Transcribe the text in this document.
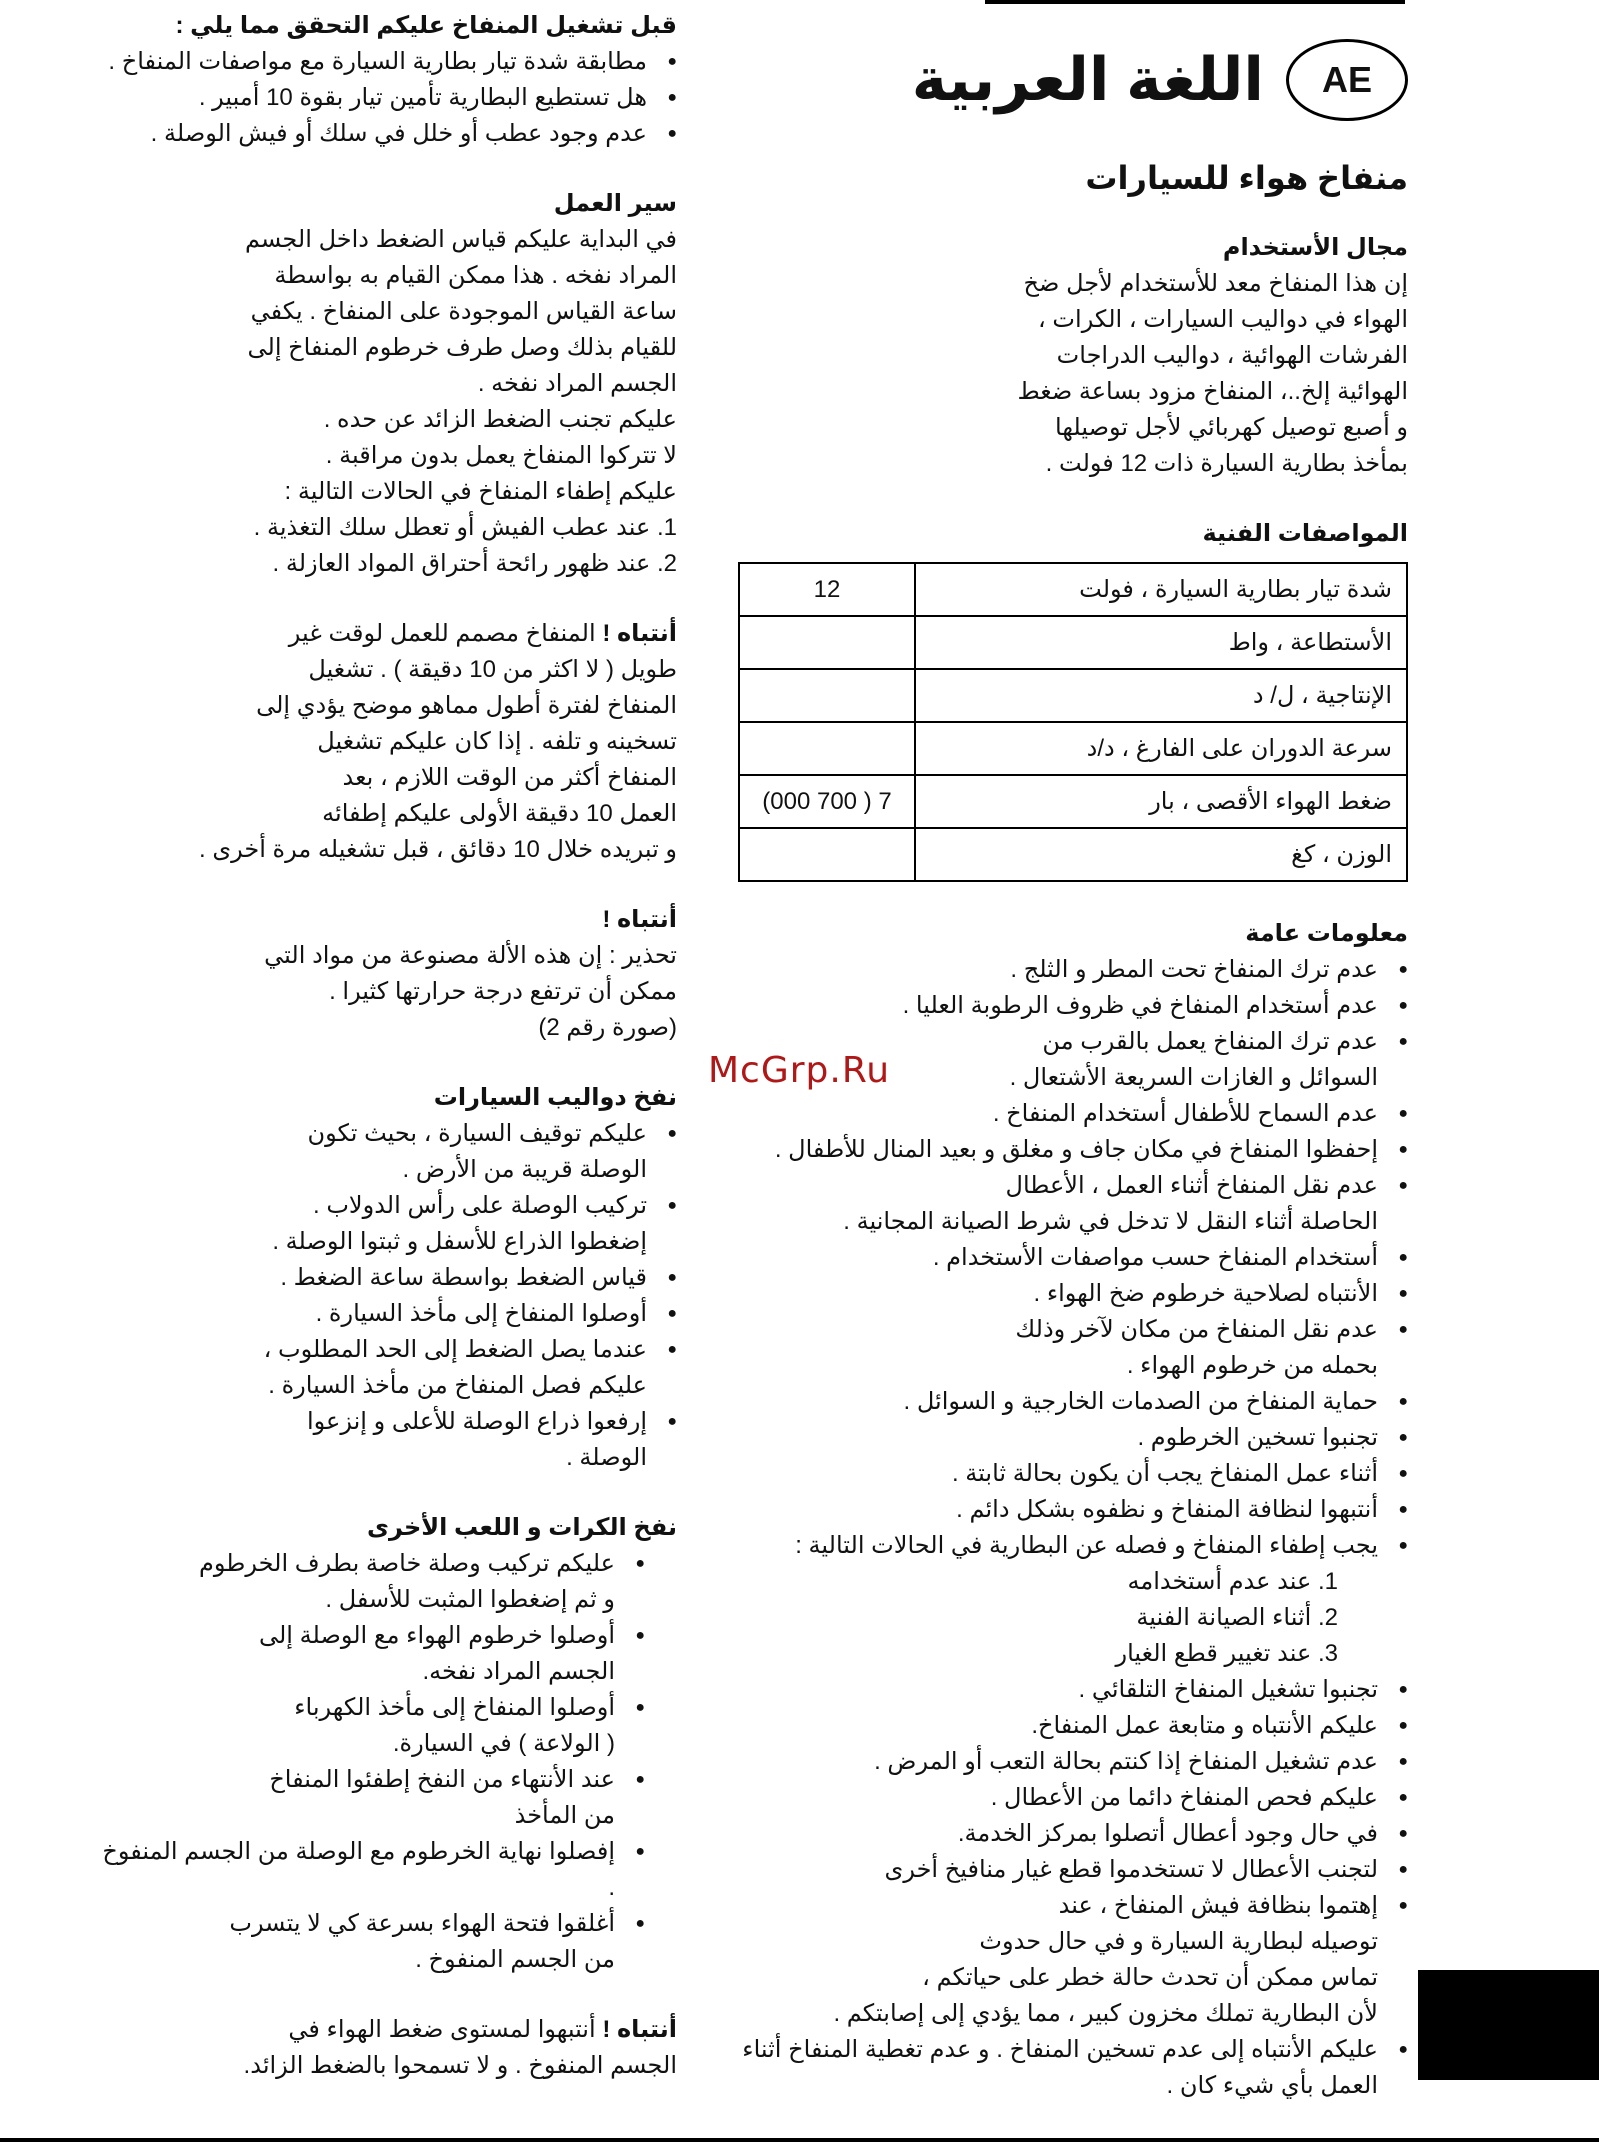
AE
اللغة العربية
منفاخ هواء للسيارات
مجال الأستخدام
إن هذا المنفاخ معد للأستخدام لأجل ضخ
الهواء في دواليب السيارات ، الكرات ،
الفرشات الهوائية ، دواليب الدراجات
الهوائية إلخ..، المنفاخ مزود بساعة ضغط
و أصبع توصيل كهربائي لأجل توصيلها
بمأخذ بطارية السيارة ذات 12 فولت .
المواصفات الفنية
شدة تيار بطارية السيارة ، فولت	12
الأستطاعة ، واط	
الإنتاجية ، ل/ د	
سرعة الدوران على الفارغ ، د/د	
ضغط الهواء الأقصى ، بار	7 ( 700 000)
الوزن ، كغ	
معلومات عامة
● عدم ترك المنفاخ تحت المطر و الثلج .
● عدم أستخدام المنفاخ في ظروف الرطوبة العليا .
● عدم ترك المنفاخ يعمل بالقرب من
السوائل و الغازات السريعة الأشتعال .
● عدم السماح للأطفال أستخدام المنفاخ .
● إحفظوا المنفاخ في مكان جاف و مغلق و بعيد المنال للأطفال .
● عدم نقل المنفاخ أثناء العمل ، الأعطال
الحاصلة أثناء النقل لا تدخل في شرط الصيانة المجانية .
● أستخدام المنفاخ حسب مواصفات الأستخدام .
● الأنتباه لصلاحية خرطوم ضخ الهواء .
● عدم نقل المنفاخ من مكان لآخر وذلك
بحمله من خرطوم الهواء .
● حماية المنفاخ من الصدمات الخارجية و السوائل .
● تجنبوا تسخين الخرطوم .
● أثناء عمل المنفاخ يجب أن يكون بحالة ثابتة .
● أنتبهوا لنظافة المنفاخ و نظفوه بشكل دائم .
● يجب إطفاء المنفاخ و فصله عن البطارية في الحالات التالية :
1. عند عدم أستخدامه
2. أثناء الصيانة الفنية
3. عند تغيير قطع الغيار
● تجنبوا تشغيل المنفاخ التلقائي .
● عليكم الأنتباه و متابعة عمل المنفاخ.
● عدم تشغيل المنفاخ إذا كنتم بحالة التعب أو المرض .
● عليكم فحص المنفاخ دائما من الأعطال .
● في حال وجود أعطال أتصلوا بمركز الخدمة.
● لتجنب الأعطال لا تستخدموا قطع غيار منافيخ أخرى
● إهتموا بنظافة فيش المنفاخ ، عند
توصيله لبطارية السيارة و في حال حدوث
تماس ممكن أن تحدث حالة خطر على حياتكم ،
لأن البطارية تملك مخزون كبير ، مما يؤدي إلى إصابتكم .
● عليكم الأنتباه إلى عدم تسخين المنفاخ . و عدم تغطية المنفاخ أثناء
العمل بأي شيء كان .
قبل تشغيل المنفاخ عليكم التحقق مما يلي :
● مطابقة شدة تيار بطارية السيارة مع مواصفات المنفاخ .
● هل تستطيع البطارية تأمين تيار بقوة 10 أمبير .
● عدم وجود عطب أو خلل في سلك أو فيش الوصلة .
سير العمل
في البداية عليكم قياس الضغط داخل الجسم
المراد نفخه . هذا ممكن القيام به بواسطة
ساعة القياس الموجودة على المنفاخ . يكفي
للقيام بذلك وصل طرف خرطوم المنفاخ إلى
الجسم المراد نفخه .
عليكم تجنب الضغط الزائد عن حده .
لا تتركوا المنفاخ يعمل بدون مراقبة .
عليكم إطفاء المنفاخ في الحالات التالية :
1. عند عطب الفيش أو تعطل سلك التغذية .
2. عند ظهور رائحة أحتراق المواد العازلة .
أنتباه ! المنفاخ مصمم للعمل لوقت غير
طويل ( لا اكثر من 10 دقيقة ) . تشغيل
المنفاخ لفترة أطول مماهو موضح يؤدي إلى
تسخينه و تلفه . إذا كان عليكم تشغيل
المنفاخ أكثر من الوقت اللازم ، بعد
العمل 10 دقيقة الأولى عليكم إطفائه
و تبريده خلال 10 دقائق ، قبل تشغيله مرة أخرى .
أنتباه !
تحذير : إن هذه الألة مصنوعة من مواد التي
ممكن أن ترتفع درجة حرارتها كثيرا .
(صورة رقم 2)
نفخ دواليب السيارات
● عليكم توقيف السيارة ، بحيث تكون
الوصلة قريبة من الأرض .
● تركيب الوصلة على رأس الدولاب .
إضغطوا الذراع للأسفل و ثبتوا الوصلة .
● قياس الضغط بواسطة ساعة الضغط .
● أوصلوا المنفاخ إلى مأخذ السيارة .
● عندما يصل الضغط إلى الحد المطلوب ،
عليكم فصل المنفاخ من مأخذ السيارة .
● إرفعوا ذراع الوصلة للأعلى و إنزعوا
الوصلة .
نفخ الكرات و اللعب الأخرى
● عليكم تركيب وصلة خاصة بطرف الخرطوم
و ثم إضغطوا المثبت للأسفل .
● أوصلوا خرطوم الهواء مع الوصلة إلى
الجسم المراد نفخه.
● أوصلوا المنفاخ إلى مأخذ الكهرباء
( الولاعة ) في السيارة.
● عند الأنتهاء من النفخ إطفئوا المنفاخ
من المأخذ
● إفصلوا نهاية الخرطوم مع الوصلة من الجسم المنفوخ .
● أغلقوا فتحة الهواء بسرعة كي لا يتسرب
من الجسم المنفوخ .
أنتباه ! أنتبهوا لمستوى ضغط الهواء في
الجسم المنفوخ . و لا تسمحوا بالضغط الزائد.
McGrp.Ru
